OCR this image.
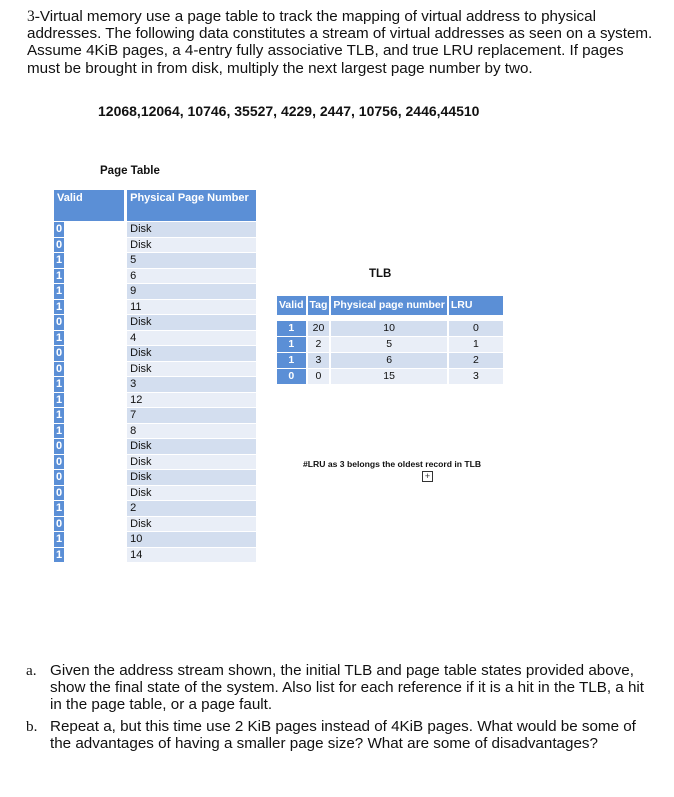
3-Virtual memory use a page table to track the mapping of virtual address to physical addresses. The following data constitutes a stream of virtual addresses as seen on a system. Assume 4KiB pages, a 4-entry fully associative TLB, and true LRU replacement. If pages must be brought in from disk, multiply the next largest page number by two.

12068,12064, 10746, 35527, 4229, 2447, 10756, 2446,44510
Page Table
Valid		Physical Page Number
0		Disk
0		Disk
1		5
1		6
1		9
1		11
0		Disk
1		4
0		Disk
0		Disk
1		3
1		12
1		7
1		8
0		Disk
0		Disk
0		Disk
0		Disk
1		2
0		Disk
1		10
1		14
TLB
Valid	Tag	Physical page number	LRU

1	20	10	0
1	2	5	1
1	3	6	2
0	0	15	3
#LRU as 3 belongs the oldest record in TLB
+
a. Given the address stream shown, the initial TLB and page table states provided above, show the final state of the system. Also list for each reference if it is a hit in the TLB, a hit in the page table, or a page fault.
b. Repeat a, but this time use 2 KiB pages instead of 4KiB pages. What would be some of the advantages of having a smaller page size? What are some of disadvantages?
